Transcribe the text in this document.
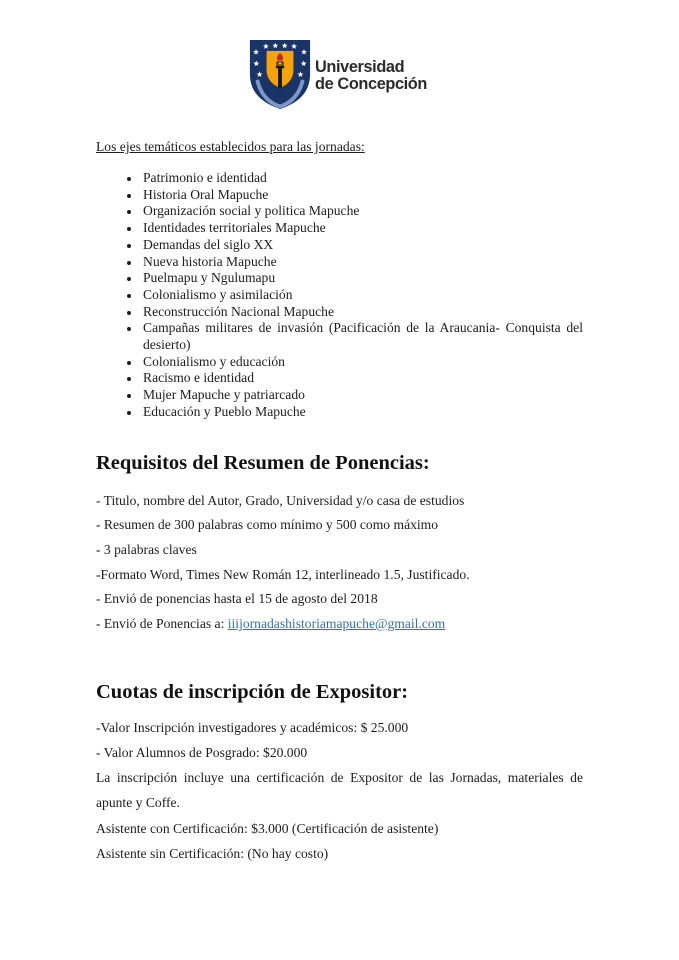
Universidad
de Concepción

Los ejes temáticos establecidos para las jornadas:

• Patrimonio e identidad
• Historia Oral Mapuche
• Organización social y politica Mapuche
• Identidades territoriales Mapuche
• Demandas del siglo XX
• Nueva historia Mapuche
• Puelmapu y Ngulumapu
• Colonialismo y asimilación
• Reconstrucción Nacional Mapuche
• Campañas militares de invasión (Pacificación de la Araucania- Conquista del desierto)
• Colonialismo y educación
• Racismo e identidad
• Mujer Mapuche y patriarcado
• Educación y Pueblo Mapuche
Requisitos del Resumen de Ponencias:

- Titulo, nombre del Autor, Grado, Universidad y/o casa de estudios

- Resumen de 300 palabras como mínimo y 500 como máximo

- 3 palabras claves

-Formato Word, Times New Román 12, interlineado 1.5, Justificado.

- Envió de ponencias hasta el 15 de agosto del 2018

- Envió de Ponencias a: iiijornadashistoriamapuche@gmail.com

Cuotas de inscripción de Expositor:

-Valor Inscripción investigadores y académicos: $ 25.000

- Valor Alumnos de Posgrado: $20.000

La inscripción incluye una certificación de Expositor de las Jornadas, materiales de apunte y Coffe.

Asistente con Certificación: $3.000 (Certificación de asistente)

Asistente sin Certificación: (No hay costo)
